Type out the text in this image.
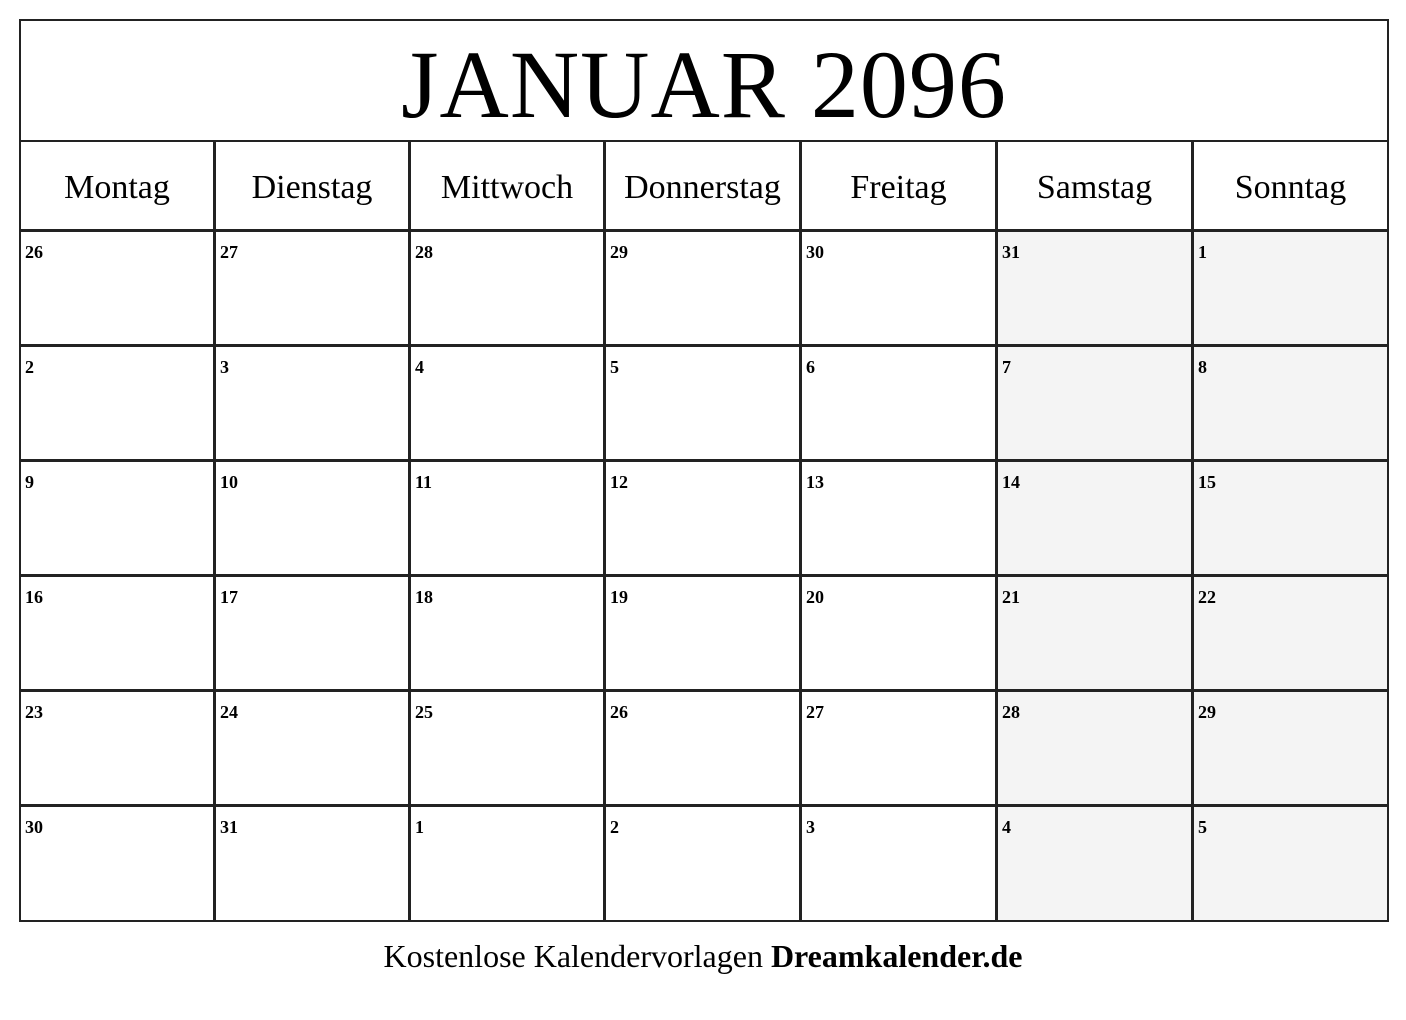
JANUAR 2096
Montag	Dienstag	Mittwoch	Donnerstag	Freitag	Samstag	Sonntag
26	27	28	29	30	31	1
2	3	4	5	6	7	8
9	10	11	12	13	14	15
16	17	18	19	20	21	22
23	24	25	26	27	28	29
30	31	1	2	3	4	5
Kostenlose Kalendervorlagen Dreamkalender.de
